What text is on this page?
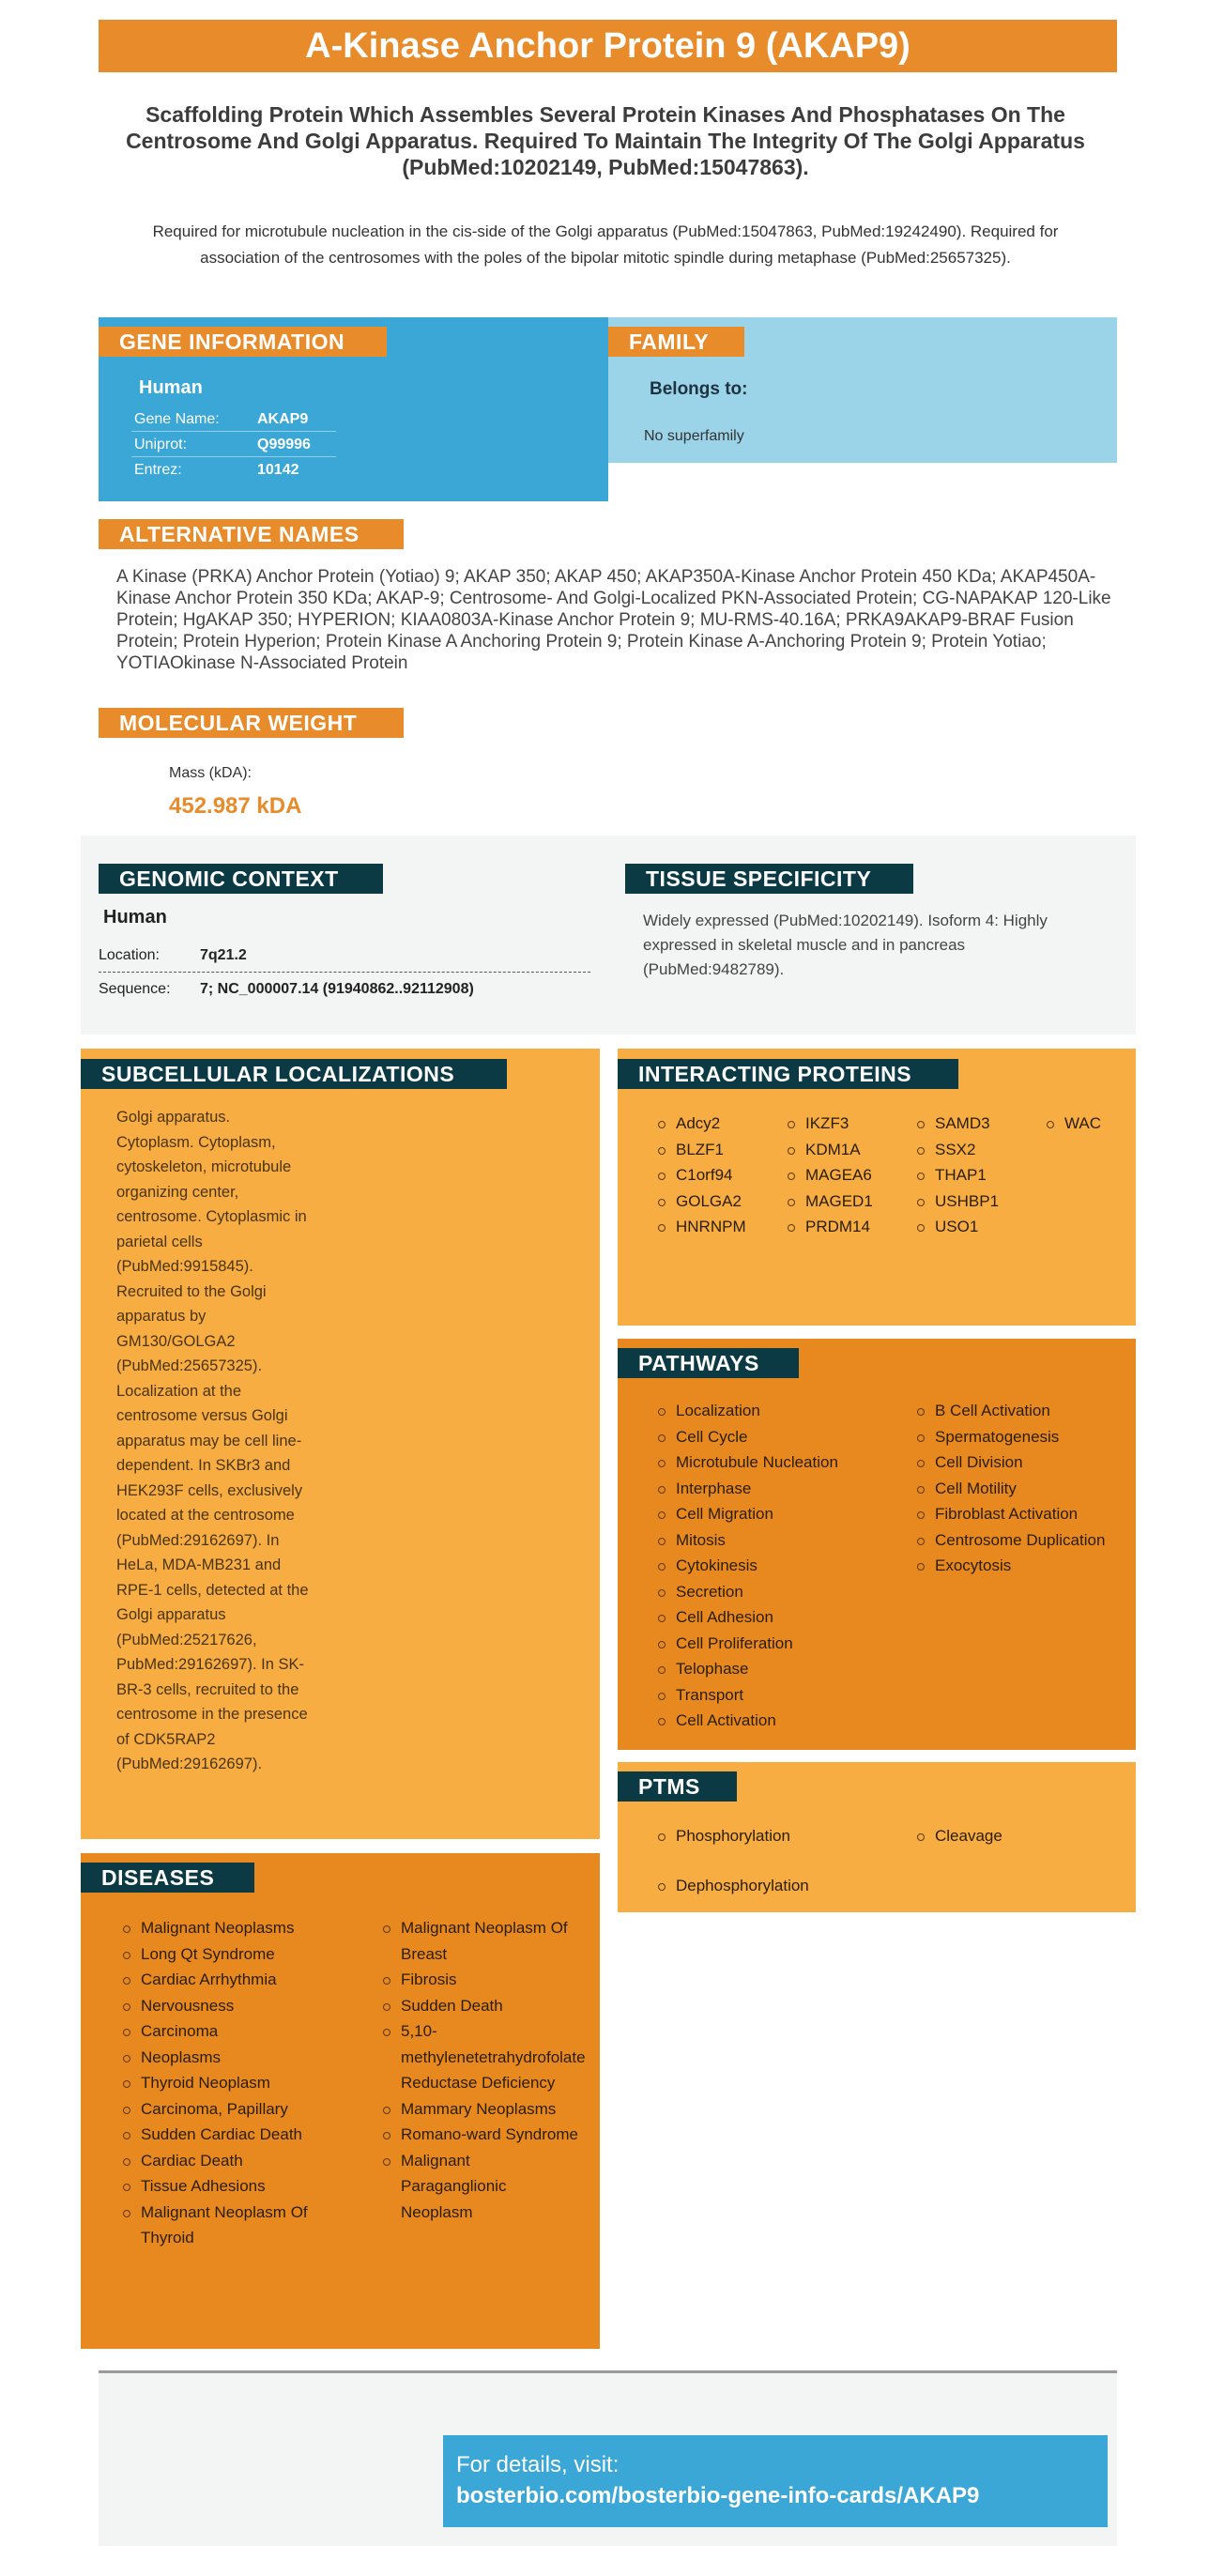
A-Kinase Anchor Protein 9 (AKAP9)
Scaffolding Protein Which Assembles Several Protein Kinases And Phosphatases On The Centrosome And Golgi Apparatus. Required To Maintain The Integrity Of The Golgi Apparatus (PubMed:10202149, PubMed:15047863).
Required for microtubule nucleation in the cis-side of the Golgi apparatus (PubMed:15047863, PubMed:19242490). Required for association of the centrosomes with the poles of the bipolar mitotic spindle during metaphase (PubMed:25657325).
GENE INFORMATION
Human
Gene Name:	AKAP9
Uniprot:	Q99996
Entrez:	10142
FAMILY
Belongs to:
No superfamily
ALTERNATIVE NAMES
A Kinase (PRKA) Anchor Protein (Yotiao) 9; AKAP 350; AKAP 450; AKAP350A-Kinase Anchor Protein 450 KDa; AKAP450A-Kinase Anchor Protein 350 KDa; AKAP-9; Centrosome- And Golgi-Localized PKN-Associated Protein; CG-NAPAKAP 120-Like Protein; HgAKAP 350; HYPERION; KIAA0803A-Kinase Anchor Protein 9; MU-RMS-40.16A; PRKA9AKAP9-BRAF Fusion Protein; Protein Hyperion; Protein Kinase A Anchoring Protein 9; Protein Kinase A-Anchoring Protein 9; Protein Yotiao; YOTIAOkinase N-Associated Protein
MOLECULAR WEIGHT
Mass (kDA):
452.987 kDA
GENOMIC CONTEXT
Human
Location:	7q21.2
Sequence:	7; NC_000007.14 (91940862..92112908)
TISSUE SPECIFICITY
Widely expressed (PubMed:10202149). Isoform 4: Highly expressed in skeletal muscle and in pancreas (PubMed:9482789).
SUBCELLULAR LOCALIZATIONS
Golgi apparatus. Cytoplasm. Cytoplasm, cytoskeleton, microtubule organizing center, centrosome. Cytoplasmic in parietal cells (PubMed:9915845). Recruited to the Golgi apparatus by GM130/GOLGA2 (PubMed:25657325). Localization at the centrosome versus Golgi apparatus may be cell line-dependent. In SKBr3 and HEK293F cells, exclusively located at the centrosome (PubMed:29162697). In HeLa, MDA-MB231 and RPE-1 cells, detected at the Golgi apparatus (PubMed:25217626, PubMed:29162697). In SK-BR-3 cells, recruited to the centrosome in the presence of CDK5RAP2 (PubMed:29162697).
DISEASES
Malignant Neoplasms
Long Qt Syndrome
Cardiac Arrhythmia
Nervousness
Carcinoma
Neoplasms
Thyroid Neoplasm
Carcinoma, Papillary
Sudden Cardiac Death
Cardiac Death
Tissue Adhesions
Malignant Neoplasm Of Thyroid
Malignant Neoplasm Of Breast
Fibrosis
Sudden Death
5,10-methylenetetrahydrofolate Reductase Deficiency
Mammary Neoplasms
Romano-ward Syndrome
Malignant Paraganglionic Neoplasm
INTERACTING PROTEINS
Adcy2
BLZF1
C1orf94
GOLGA2
HNRNPM
IKZF3
KDM1A
MAGEA6
MAGED1
PRDM14
SAMD3
SSX2
THAP1
USHBP1
USO1
WAC
PATHWAYS
Localization
Cell Cycle
Microtubule Nucleation
Interphase
Cell Migration
Mitosis
Cytokinesis
Secretion
Cell Adhesion
Cell Proliferation
Telophase
Transport
Cell Activation
B Cell Activation
Spermatogenesis
Cell Division
Cell Motility
Fibroblast Activation
Centrosome Duplication
Exocytosis
PTMS
Phosphorylation
Dephosphorylation
Cleavage
For details, visit:
bosterbio.com/bosterbio-gene-info-cards/AKAP9
